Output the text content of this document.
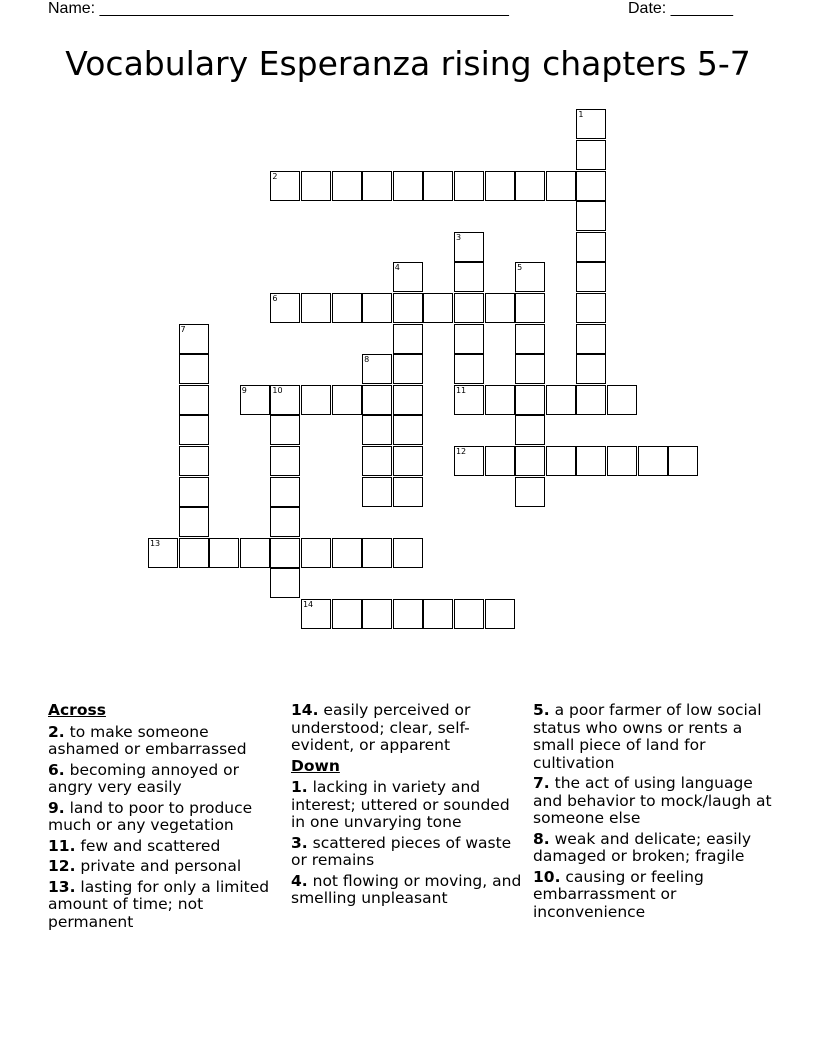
Name: ______________________________________________	Date: _______
Vocabulary Esperanza rising chapters 5-7
1
2
3
4	5
6
7
8
9	10	11
12
13
14
Across
2. to make someone ashamed or embarrassed
6. becoming annoyed or angry very easily
9. land to poor to produce much or any vegetation
11. few and scattered
12. private and personal
13. lasting for only a limited amount of time; not permanent
14. easily perceived or understood; clear, self-evident, or apparent
Down
1. lacking in variety and interest; uttered or sounded in one unvarying tone
3. scattered pieces of waste or remains
4. not flowing or moving, and smelling unpleasant
5. a poor farmer of low social status who owns or rents a small piece of land for cultivation
7. the act of using language and behavior to mock/laugh at someone else
8. weak and delicate; easily damaged or broken; fragile
10. causing or feeling embarrassment or inconvenience
